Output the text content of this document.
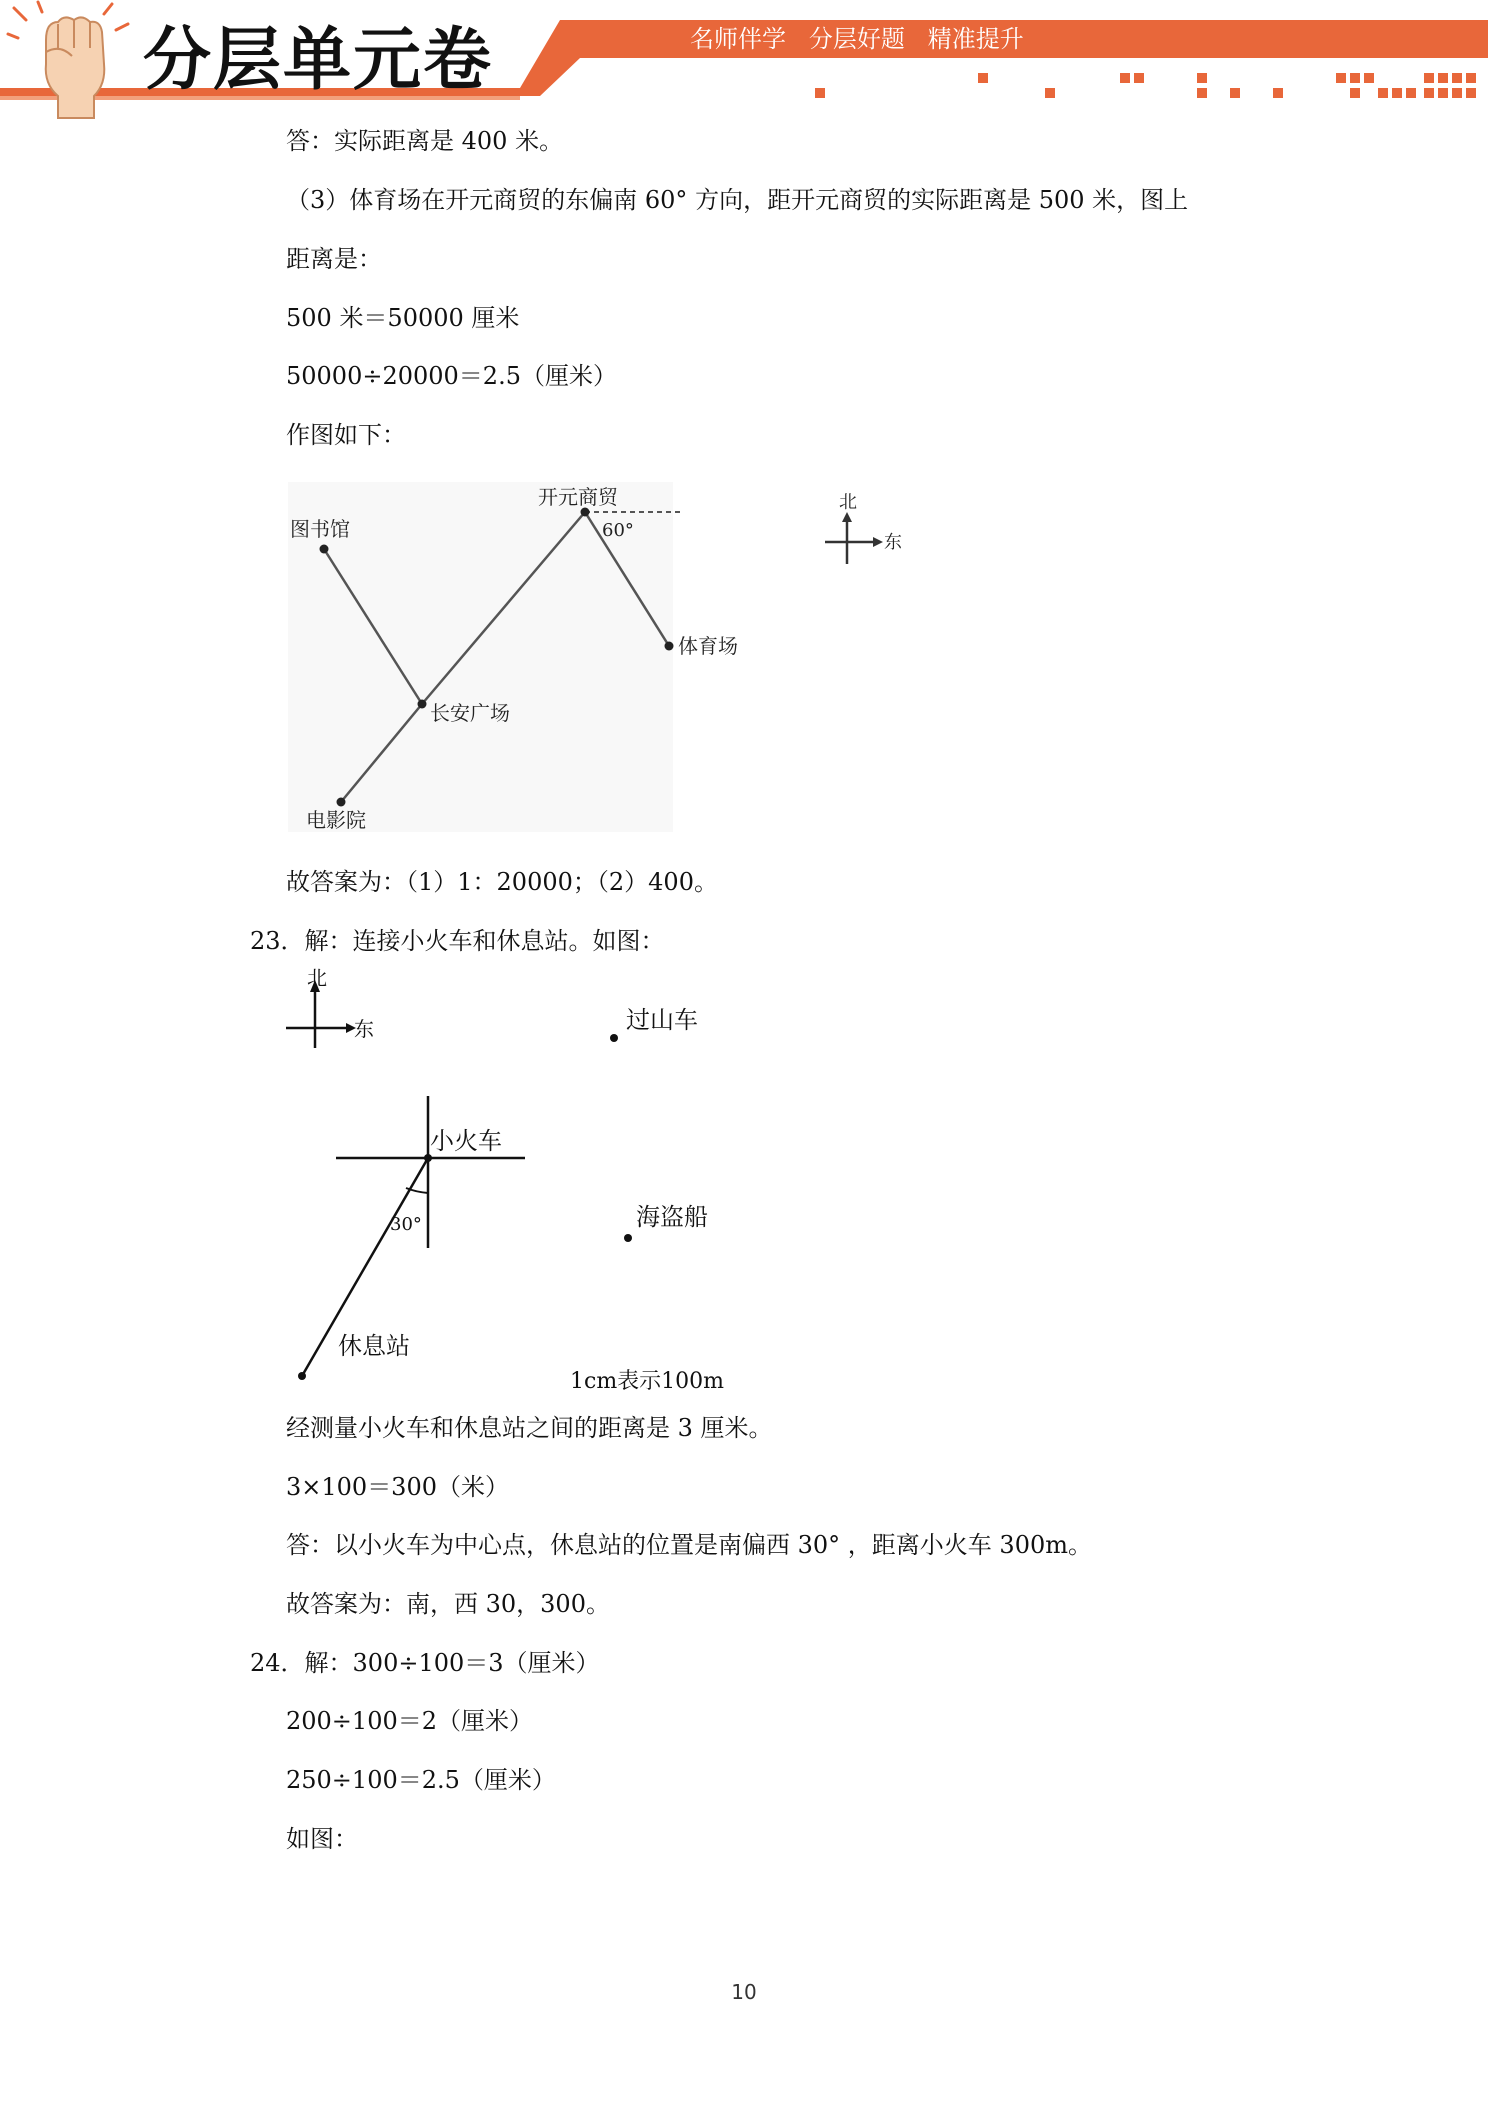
分层单元卷	名师伴学   分层好题   精准提升
答：实际距离是 400 米。
（3）体育场在开元商贸的东偏南 60° 方向，距开元商贸的实际距离是 500 米，图上
距离是：
500 米＝50000 厘米
50000÷20000＝2.5（厘米）
作图如下：
图书馆
开元商贸
60°
体育场
长安广场
电影院
北
东
故答案为：（1）1：20000；（2）400。
23．解：连接小火车和休息站。如图：
北
东	过山车
小火车
30°	海盗船
休息站
1cm表示100m
经测量小火车和休息站之间的距离是 3 厘米。
3×100＝300（米）
答：以小火车为中心点，休息站的位置是南偏西 30° ，距离小火车 300m。
故答案为：南，西 30，300。
24．解：300÷100＝3（厘米）
200÷100＝2（厘米）
250÷100＝2.5（厘米）
如图：
10
